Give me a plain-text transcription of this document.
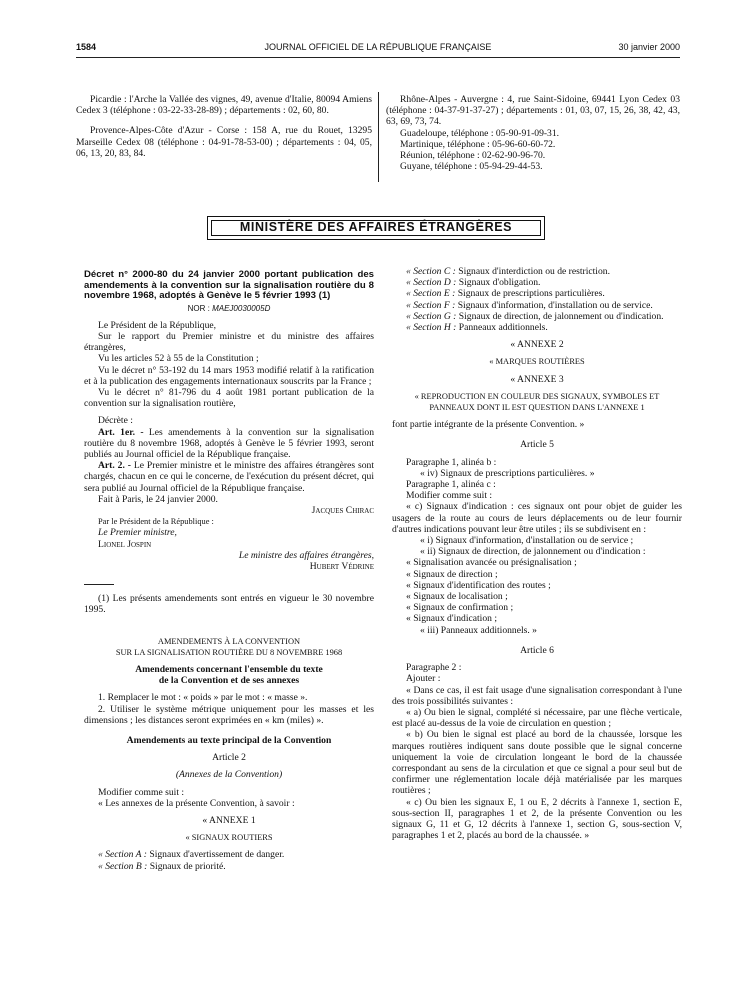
1584	JOURNAL OFFICIEL DE LA RÉPUBLIQUE FRANÇAISE	30 janvier 2000

Picardie : l'Arche la Vallée des vignes, 49, avenue d'Italie, 80094 Amiens Cedex 3 (téléphone : 03-22-33-28-89) ; départements : 02, 60, 80.

Provence-Alpes-Côte d'Azur - Corse : 158 A, rue du Rouet, 13295 Marseille Cedex 08 (téléphone : 04-91-78-53-00) ; départements : 04, 05, 06, 13, 20, 83, 84.

Rhône-Alpes - Auvergne : 4, rue Saint-Sidoine, 69441 Lyon Cedex 03 (téléphone : 04-37-91-37-27) ; départements : 01, 03, 07, 15, 26, 38, 42, 43, 63, 69, 73, 74.

Guadeloupe, téléphone : 05-90-91-09-31.

Martinique, téléphone : 05-96-60-60-72.

Réunion, téléphone : 02-62-90-96-70.

Guyane, téléphone : 05-94-29-44-53.

MINISTÈRE DES AFFAIRES ÉTRANGÈRES
Décret n° 2000-80 du 24 janvier 2000 portant publication des amendements à la convention sur la signalisation routière du 8 novembre 1968, adoptés à Genève le 5 février 1993 (1)
NOR : MAEJ0030005D

Le Président de la République,

Sur le rapport du Premier ministre et du ministre des affaires étrangères,

Vu les articles 52 à 55 de la Constitution ;

Vu le décret n° 53-192 du 14 mars 1953 modifié relatif à la ratification et à la publication des engagements internationaux souscrits par la France ;

Vu le décret n° 81-796 du 4 août 1981 portant publication de la convention sur la signalisation routière,

Décrète :

Art. 1er. - Les amendements à la convention sur la signalisation routière du 8 novembre 1968, adoptés à Genève le 5 février 1993, seront publiés au Journal officiel de la République française.

Art. 2. - Le Premier ministre et le ministre des affaires étrangères sont chargés, chacun en ce qui le concerne, de l'exécution du présent décret, qui sera publié au Journal officiel de la République française.

Fait à Paris, le 24 janvier 2000.

Jacques Chirac

Par le Président de la République :

Le Premier ministre,

Lionel Jospin

Le ministre des affaires étrangères,

Hubert Védrine

(1) Les présents amendements sont entrés en vigueur le 30 novembre 1995.

AMENDEMENTS À LA CONVENTION

SUR LA SIGNALISATION ROUTIÈRE DU 8 NOVEMBRE 1968

Amendements concernant l'ensemble du texte

de la Convention et de ses annexes

1. Remplacer le mot : « poids » par le mot : « masse ».

2. Utiliser le système métrique uniquement pour les masses et les dimensions ; les distances seront exprimées en « km (miles) ».

Amendements au texte principal de la Convention

Article 2

(Annexes de la Convention)

Modifier comme suit :

« Les annexes de la présente Convention, à savoir :

« ANNEXE 1

« SIGNAUX ROUTIERS

« Section A : Signaux d'avertissement de danger.

« Section B : Signaux de priorité.

« Section C : Signaux d'interdiction ou de restriction.

« Section D : Signaux d'obligation.

« Section E : Signaux de prescriptions particulières.

« Section F : Signaux d'information, d'installation ou de service.

« Section G : Signaux de direction, de jalonnement ou d'indication.

« Section H : Panneaux additionnels.

« ANNEXE 2

« MARQUES ROUTIÈRES

« ANNEXE 3

« REPRODUCTION EN COULEUR DES SIGNAUX, SYMBOLES ET PANNEAUX DONT IL EST QUESTION DANS L'ANNEXE 1

font partie intégrante de la présente Convention. »

Article 5

Paragraphe 1, alinéa b :

« iv) Signaux de prescriptions particulières. »

Paragraphe 1, alinéa c :

Modifier comme suit :

« c) Signaux d'indication : ces signaux ont pour objet de guider les usagers de la route au cours de leurs déplacements ou de leur fournir d'autres indications pouvant leur être utiles ; ils se subdivisent en :

« i) Signaux d'information, d'installation ou de service ;

« ii) Signaux de direction, de jalonnement ou d'indication :

« Signalisation avancée ou présignalisation ;

« Signaux de direction ;

« Signaux d'identification des routes ;

« Signaux de localisation ;

« Signaux de confirmation ;

« Signaux d'indication ;

« iii) Panneaux additionnels. »

Article 6

Paragraphe 2 :

Ajouter :

« Dans ce cas, il est fait usage d'une signalisation correspondant à l'une des trois possibilités suivantes :

« a) Ou bien le signal, complété si nécessaire, par une flèche verticale, est placé au-dessus de la voie de circulation en question ;

« b) Ou bien le signal est placé au bord de la chaussée, lorsque les marques routières indiquent sans doute possible que le signal concerne uniquement la voie de circulation longeant le bord de la chaussée correspondant au sens de la circulation et que ce signal a pour seul but de confirmer une réglementation locale déjà matérialisée par les marques routières ;

« c) Ou bien les signaux E, 1 ou E, 2 décrits à l'annexe 1, section E, sous-section II, paragraphes 1 et 2, de la présente Convention ou les signaux G, 11 et G, 12 décrits à l'annexe 1, section G, sous-section V, paragraphes 1 et 2, placés au bord de la chaussée. »
